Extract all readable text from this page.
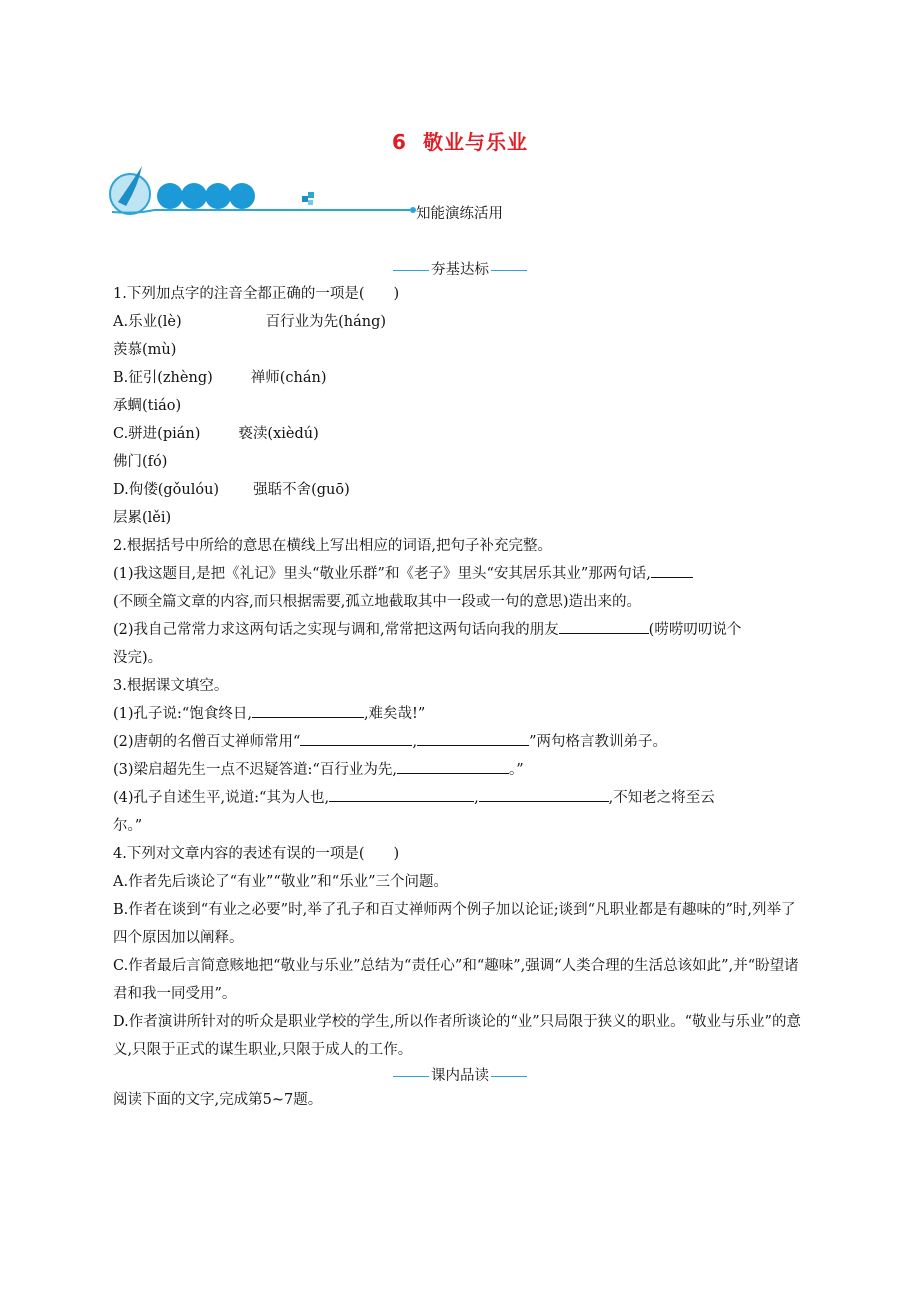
6 敬业与乐业
知能演练活用
夯基达标
1.下列加点字的注音全都正确的一项是(　　)
A.乐业(lè)	百行业为先(háng)
羡慕(mù)
B.征引(zhèng)	禅师(chán)
承蜩(tiáo)
C.骈进(pián)	亵渎(xièdú)
佛门(fó)
D.佝偻(gǒulóu) 强聒不舍(guō)
层累(lěi)
2.根据括号中所给的意思在横线上写出相应的词语,把句子补充完整。
(1)我这题目,是把《礼记》里头“敬业乐群”和《老子》里头“安其居乐其业”那两句话,
(不顾全篇文章的内容,而只根据需要,孤立地截取其中一段或一句的意思)造出来的。
(2)我自己常常力求这两句话之实现与调和,常常把这两句话向我的朋友	(唠唠叨叨说个
没完)。
3.根据课文填空。
(1)孔子说:“饱食终日,	,难矣哉!”
(2)唐朝的名僧百丈禅师常用“	,	”两句格言教训弟子。
(3)梁启超先生一点不迟疑答道:“百行业为先,	。”
(4)孔子自述生平,说道:“其为人也,	,	,不知老之将至云
尔。”
4.下列对文章内容的表述有误的一项是(　　)
A.作者先后谈论了“有业”“敬业”和“乐业”三个问题。
B.作者在谈到“有业之必要”时,举了孔子和百丈禅师两个例子加以论证;谈到“凡职业都是有趣味的”时,列举了四个原因加以阐释。
C.作者最后言简意赅地把“敬业与乐业”总结为“责任心”和“趣味”,强调“人类合理的生活总该如此”,并“盼望诸君和我一同受用”。
D.作者演讲所针对的听众是职业学校的学生,所以作者所谈论的“业”只局限于狭义的职业。“敬业与乐业”的意义,只限于正式的谋生职业,只限于成人的工作。
课内品读
阅读下面的文字,完成第5~7题。
